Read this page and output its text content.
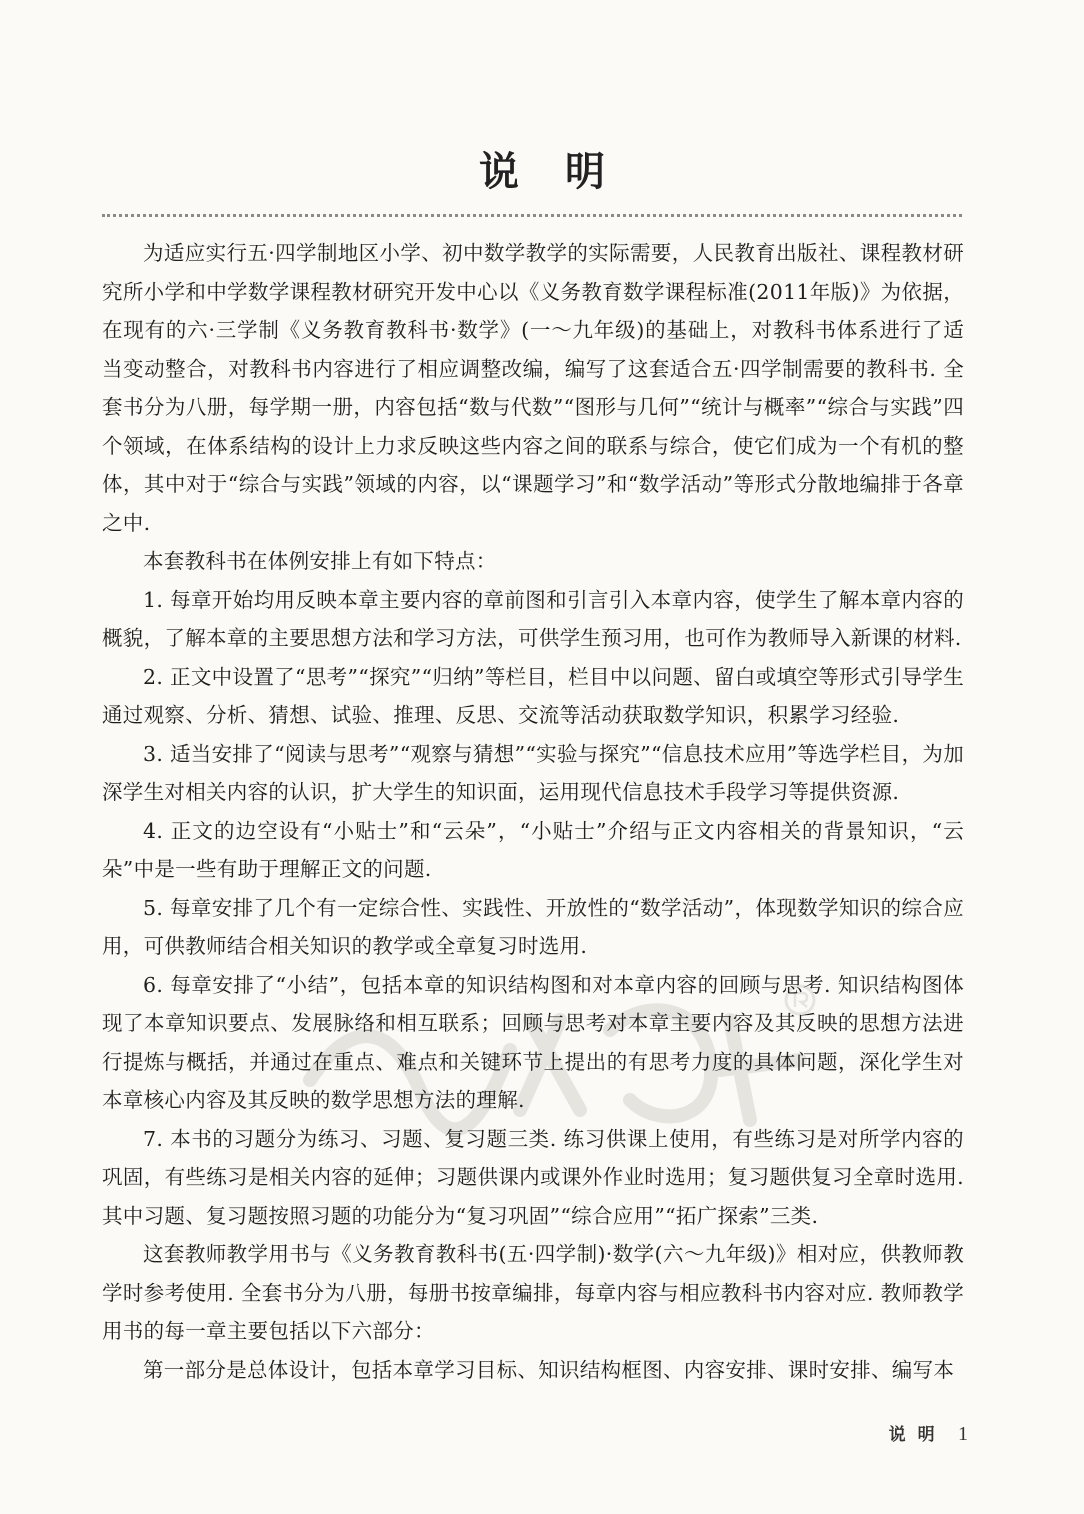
说明

为适应实行五·四学制地区小学、初中数学教学的实际需要，人民教育出版社、课程教材研究所小学和中学数学课程教材研究开发中心以《义务教育数学课程标准(2011年版)》为依据，在现有的六·三学制《义务教育教科书·数学》(一～九年级)的基础上，对教科书体系进行了适当变动整合，对教科书内容进行了相应调整改编，编写了这套适合五·四学制需要的教科书. 全套书分为八册，每学期一册，内容包括“数与代数”“图形与几何”“统计与概率”“综合与实践”四个领域，在体系结构的设计上力求反映这些内容之间的联系与综合，使它们成为一个有机的整体，其中对于“综合与实践”领域的内容，以“课题学习”和“数学活动”等形式分散地编排于各章之中.

本套教科书在体例安排上有如下特点：

1. 每章开始均用反映本章主要内容的章前图和引言引入本章内容，使学生了解本章内容的概貌，了解本章的主要思想方法和学习方法，可供学生预习用，也可作为教师导入新课的材料.

2. 正文中设置了“思考”“探究”“归纳”等栏目，栏目中以问题、留白或填空等形式引导学生通过观察、分析、猜想、试验、推理、反思、交流等活动获取数学知识，积累学习经验.

3. 适当安排了“阅读与思考”“观察与猜想”“实验与探究”“信息技术应用”等选学栏目，为加深学生对相关内容的认识，扩大学生的知识面，运用现代信息技术手段学习等提供资源.

4. 正文的边空设有“小贴士”和“云朵”，“小贴士”介绍与正文内容相关的背景知识，“云朵”中是一些有助于理解正文的问题.

5. 每章安排了几个有一定综合性、实践性、开放性的“数学活动”，体现数学知识的综合应用，可供教师结合相关知识的教学或全章复习时选用.

6. 每章安排了“小结”，包括本章的知识结构图和对本章内容的回顾与思考. 知识结构图体现了本章知识要点、发展脉络和相互联系；回顾与思考对本章主要内容及其反映的思想方法进行提炼与概括，并通过在重点、难点和关键环节上提出的有思考力度的具体问题，深化学生对本章核心内容及其反映的数学思想方法的理解.

7. 本书的习题分为练习、习题、复习题三类. 练习供课上使用，有些练习是对所学内容的巩固，有些练习是相关内容的延伸；习题供课内或课外作业时选用；复习题供复习全章时选用. 其中习题、复习题按照习题的功能分为“复习巩固”“综合应用”“拓广探索”三类.

这套教师教学用书与《义务教育教科书(五·四学制)·数学(六～九年级)》相对应，供教师教学时参考使用. 全套书分为八册，每册书按章编排，每章内容与相应教科书内容对应. 教师教学用书的每一章主要包括以下六部分：

第一部分是总体设计，包括本章学习目标、知识结构框图、内容安排、课时安排、编写本

说明 1
